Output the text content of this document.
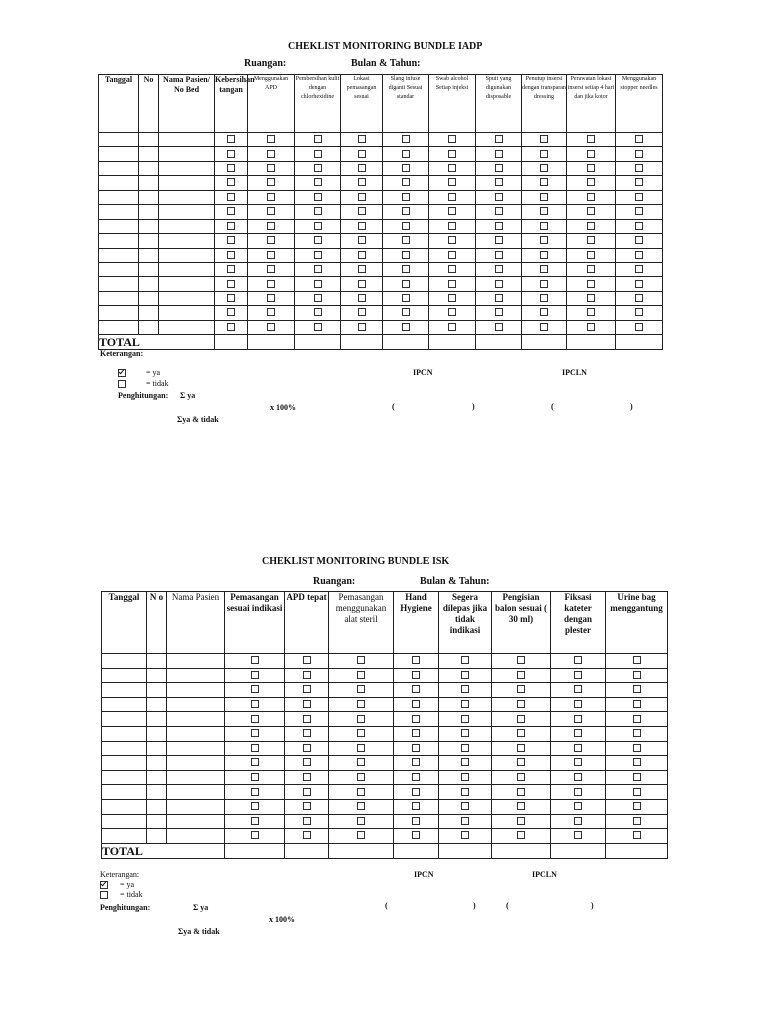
CHEKLIST MONITORING BUNDLE IADP
Ruangan:	Bulan & Tahun:
Tanggal	No	Nama Pasien/ No Bed	Kebersihan tangan	Menggunakan APD	Pembersihan kulit dengan chlorhexidine	Lokasi pemasangan sesuai	Slang infuse diganti Sesuai standar	Swab alcohol Setiap injeksi	Spuit yang digunakan disposable	Penutup insersi dengan transparan dressing	Perawatan lokasi insersi setiap 4 hari dan jika kotor	Menggunakan stopper needles

TOTAL												
Keterangan:
= ya
= tidak
Penghitungan: Σ ya
x 100%
Σya & tidak
IPCN	IPCLN
(	)	(	)
CHEKLIST MONITORING BUNDLE ISK
Ruangan:	Bulan & Tahun:
Tanggal	N o	Nama Pasien	Pemasangan sesuai indikasi	APD tepat	Pemasangan menggunakan alat steril	Hand Hygiene	Segera dilepas jika tidak indikasi	Pengisian balon sesuai ( 30 ml)	Fiksasi kateter dengan plester	Urine bag menggantung

TOTAL										
Keterangan:
= ya
= tidak
Penghitungan:	Σ ya
x 100%
Σya & tidak
IPCN	IPCLN
(	)	(	)
